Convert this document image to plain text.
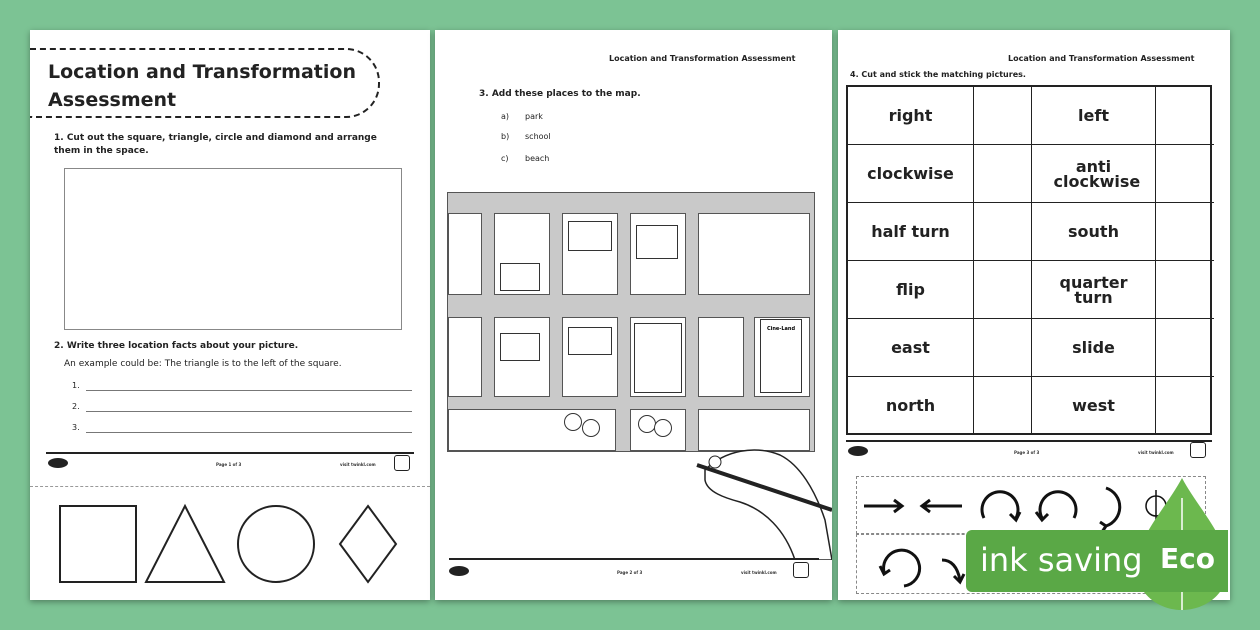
Location and Transformation
Assessment
1. Cut out the square, triangle, circle and diamond and arrange them in the space.
2. Write three location facts about your picture.
An example could be: The triangle is to the left of the square.
1.
2.
3.
Page 1 of 3	visit twinkl.com
Location and Transformation Assessment
3. Add these places to the map.
a) park
b) school
c) beach
Cine-Land
Page 2 of 3	visit twinkl.com
Location and Transformation Assessment
4. Cut and stick the matching pictures.
right	left
clockwise	anti clockwise
half turn	south
flip	quarter turn
east	slide
north	west
Page 3 of 3	visit twinkl.com
ink saving Eco
